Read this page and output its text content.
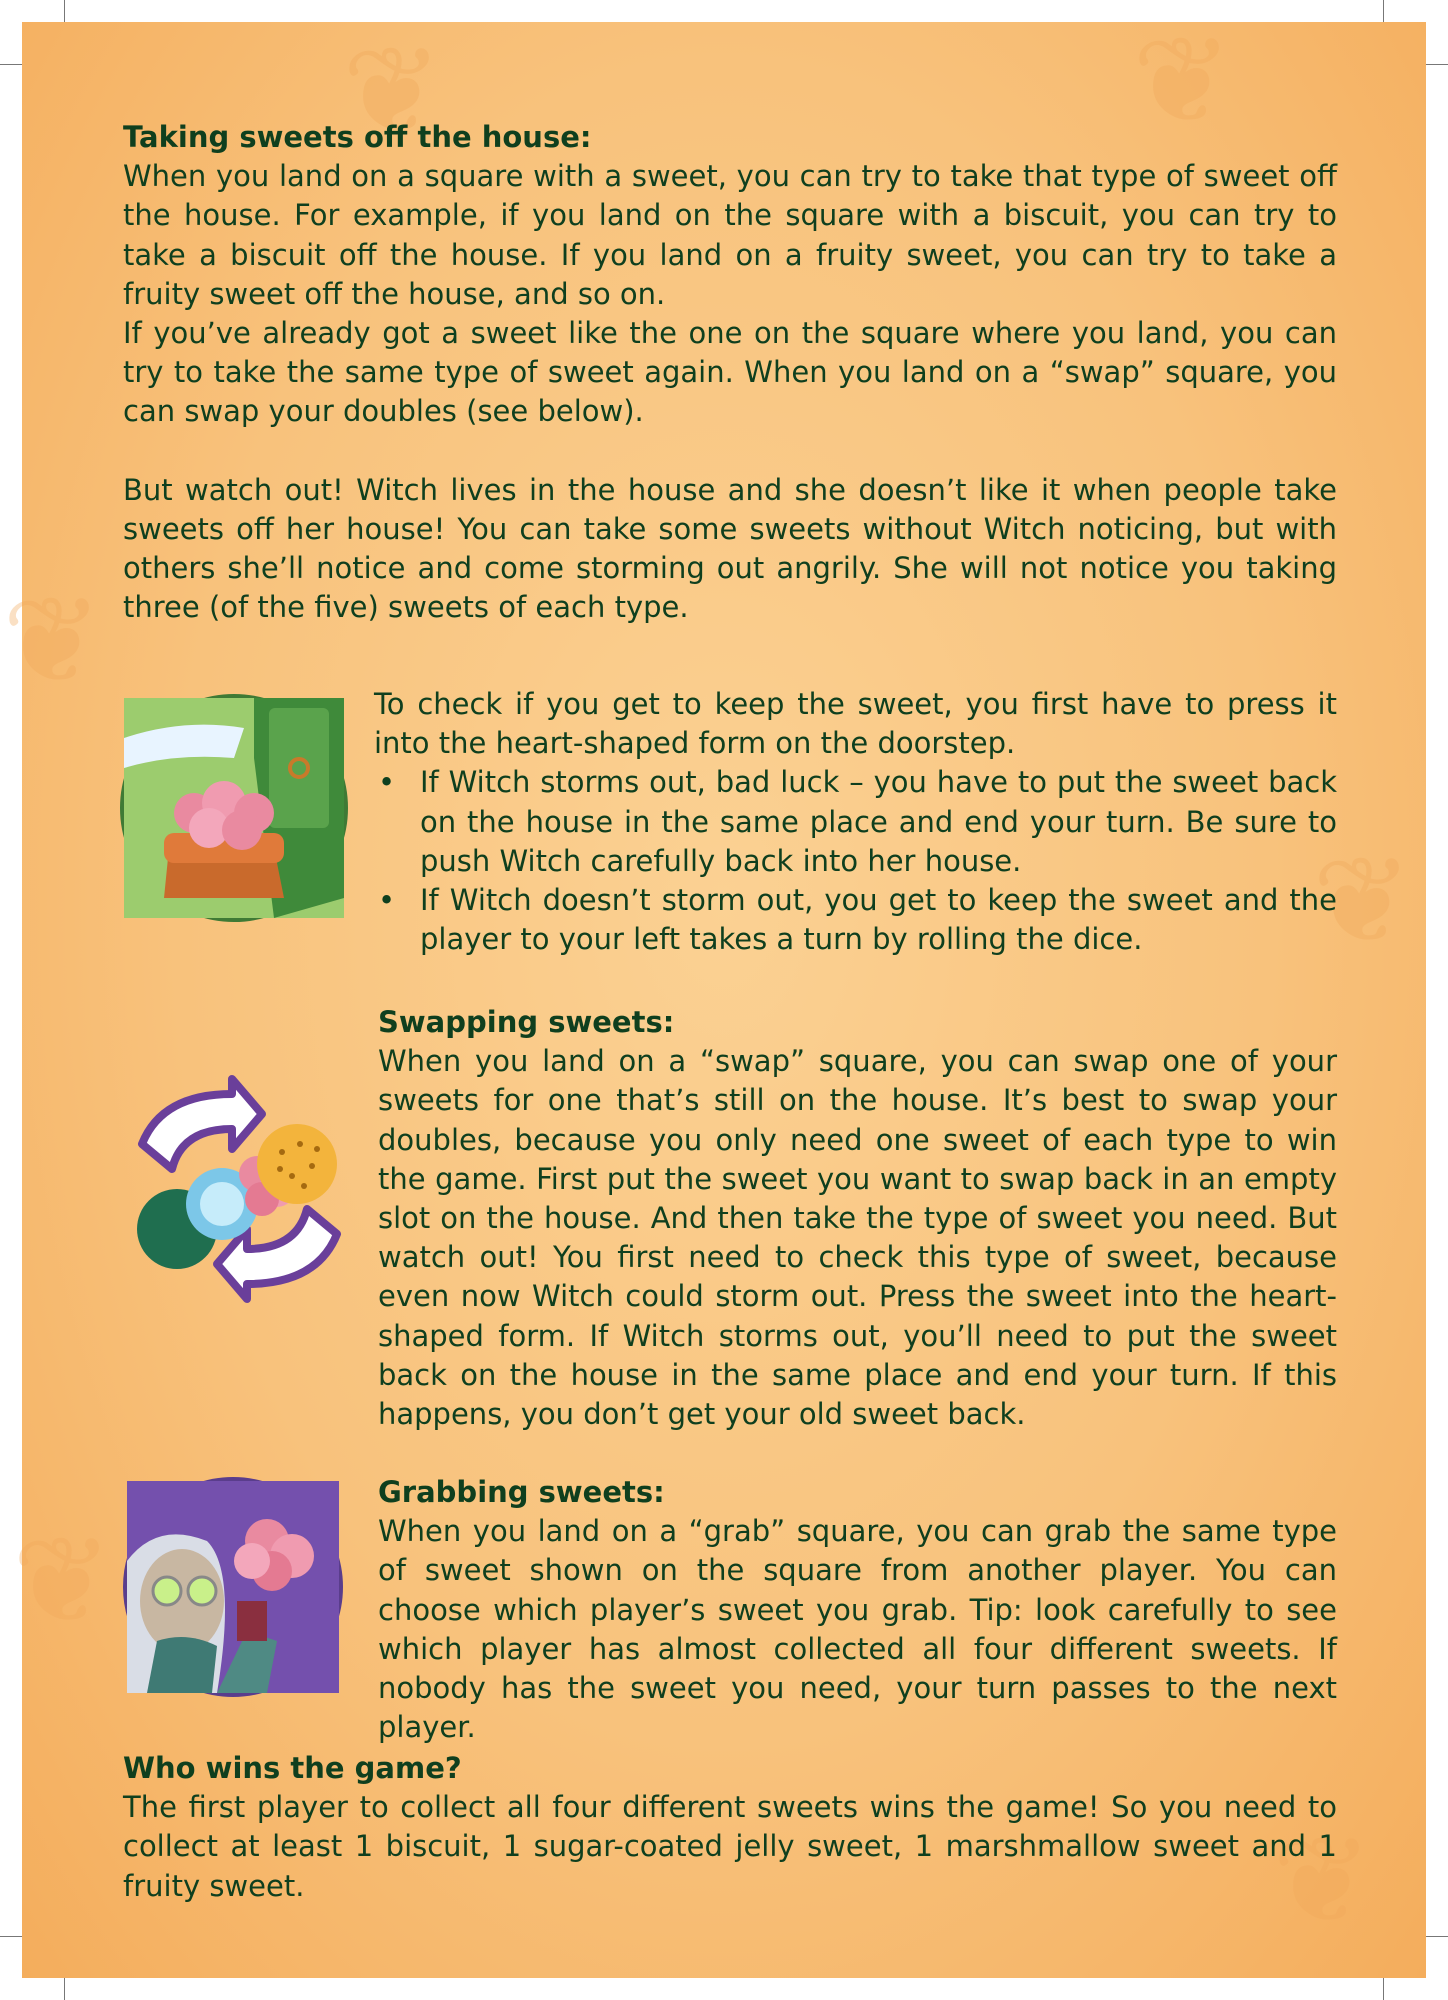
❦	❦
❦
❦
❦
❦

Taking sweets off the house:

When you land on a square with a sweet, you can try to take that type of sweet off the house. For example, if you land on the square with a biscuit, you can try to take a biscuit off the house. If you land on a fruity sweet, you can try to take a fruity sweet off the house, and so on.

If you’ve already got a sweet like the one on the square where you land, you can try to take the same type of sweet again. When you land on a “swap” square, you can swap your doubles (see below).

But watch out! Witch lives in the house and she doesn’t like it when people take sweets off her house! You can take some sweets without Witch noticing, but with others she’ll notice and come storming out angrily. She will not notice you taking three (of the five) sweets of each type.

To check if you get to keep the sweet, you first have to press it into the heart-shaped form on the doorstep.

• If Witch storms out, bad luck – you have to put the sweet back on the house in the same place and end your turn. Be sure to push Witch carefully back into her house.
• If Witch doesn’t storm out, you get to keep the sweet and the player to your left takes a turn by rolling the dice.

Swapping sweets:

When you land on a “swap” square, you can swap one of your sweets for one that’s still on the house. It’s best to swap your doubles, because you only need one sweet of each type to win the game. First put the sweet you want to swap back in an empty slot on the house. And then take the type of sweet you need. But watch out! You first need to check this type of sweet, because even now Witch could storm out. Press the sweet into the heart-shaped form. If Witch storms out, you’ll need to put the sweet back on the house in the same place and end your turn. If this happens, you don’t get your old sweet back.

Grabbing sweets:

When you land on a “grab” square, you can grab the same type of sweet shown on the square from another player. You can choose which player’s sweet you grab. Tip: look carefully to see which player has almost collected all four different sweets. If nobody has the sweet you need, your turn passes to the next player.

Who wins the game?

The first player to collect all four different sweets wins the game! So you need to collect at least 1 biscuit, 1 sugar-coated jelly sweet, 1 marshmallow sweet and 1 fruity sweet.
